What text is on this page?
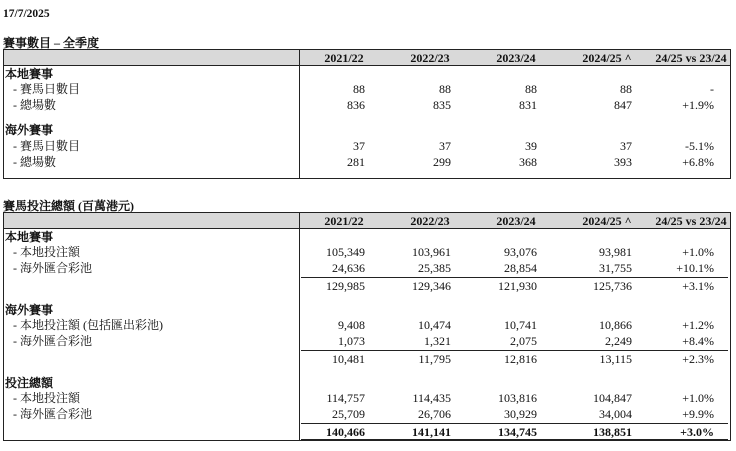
17/7/2025
賽事數目 – 全季度
2021/22	2022/23	2023/24	2024/25 ^	24/25 vs 23/24
本地賽事
- 賽馬日數目	88	88	88	88	-
- 總場數	836	835	831	847	+1.9%
海外賽事
- 賽馬日數目	37	37	39	37	-5.1%
- 總場數	281	299	368	393	+6.8%
賽馬投注總額 (百萬港元)
2021/22	2022/23	2023/24	2024/25 ^	24/25 vs 23/24
本地賽事
- 本地投注額	105,349	103,961	93,076	93,981	+1.0%
- 海外匯合彩池	24,636	25,385	28,854	31,755	+10.1%
129,985	129,346	121,930	125,736	+3.1%
海外賽事
- 本地投注額 (包括匯出彩池)	9,408	10,474	10,741	10,866	+1.2%
- 海外匯合彩池	1,073	1,321	2,075	2,249	+8.4%
10,481	11,795	12,816	13,115	+2.3%
投注總額
- 本地投注額	114,757	114,435	103,816	104,847	+1.0%
- 海外匯合彩池	25,709	26,706	30,929	34,004	+9.9%
140,466	141,141	134,745	138,851	+3.0%
